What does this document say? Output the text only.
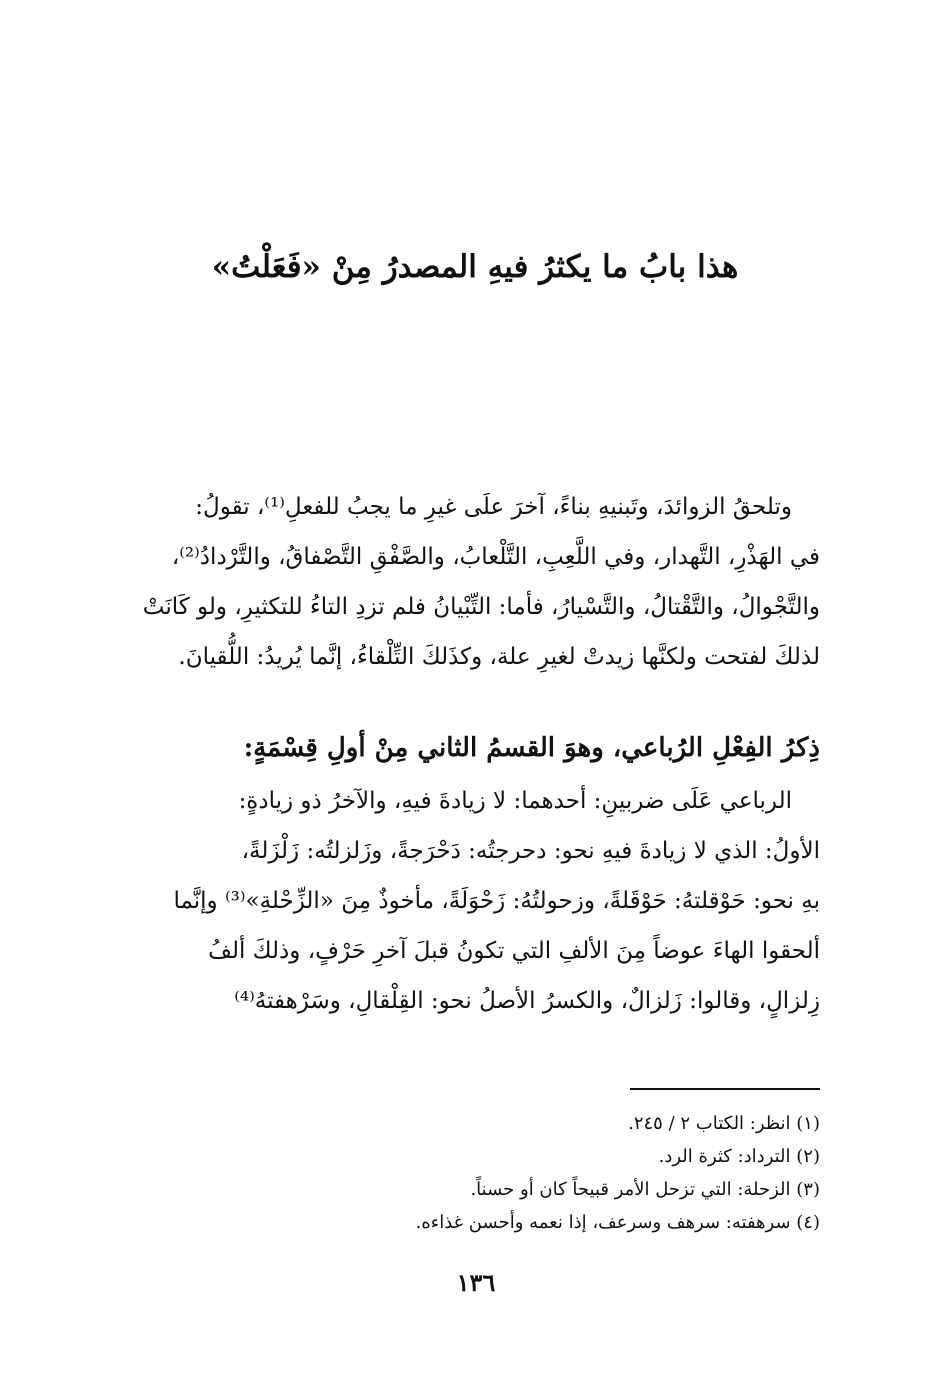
هذا بابُ ما يكثرُ فيهِ المصدرُ مِنْ «فَعَلْتُ»

وتلحقُ الزوائدَ، وتَبنيهِ بناءً، آخرَ علَى غيرِ ما يجبُ للفعلِ⁽¹⁾، تقولُ:

في الهَذْرِ، التَّهدار، وفي اللَّعِبِ، التَّلْعابُ، والصَّفْقِ التَّصْفاقُ، والتَّرْدادُ⁽²⁾،

والتَّجْوالُ، والتَّقْتالُ، والتَّسْيارُ، فأما: التِّبْيانُ فلم تزدِ التاءُ للتكثيرِ، ولو كَانَتْ

لذلكَ لفتحت ولكنَّها زيدتْ لغيرِ علة، وكذَلكَ التِّلْقاءُ، إنَّما يُريدُ: اللُّقيانَ.

ذِكرُ الفِعْلِ الرُباعي، وهوَ القسمُ الثاني مِنْ أولِ قِسْمَةٍ:

الرباعي عَلَى ضربينِ: أحدهما: لا زيادةَ فيهِ، والآخرُ ذو زيادةٍ:

الأولُ: الذي لا زيادةَ فيهِ نحو: دحرجتُه: دَحْرَجةً، وزَلزلتُه: زَلْزَلةً،

بهِ نحو: حَوْقلتهُ: حَوْقَلةً، وزحولتُهُ: زَحْوَلَةً، مأخوذٌ مِنَ «الزِّحْلةِ»⁽³⁾ وإنَّما

ألحقوا الهاءَ عوضاً مِنَ الألفِ التي تكونُ قبلَ آخرِ حَرْفٍ، وذلكَ ألفُ

زِلزالٍ، وقالوا: زَلزالٌ، والكسرُ الأصلُ نحو: القِلْقالِ، وسَرْهفتهُ⁽⁴⁾

(١) انظر: الكتاب ٢ / ٢٤٥.
(٢) الترداد: كثرة الرد.
(٣) الزحلة: التي تزحل الأمر قبيحاً كان أو حسناً.
(٤) سرهفته: سرهف وسرعف، إذا نعمه وأحسن غذاءه.
١٣٦
